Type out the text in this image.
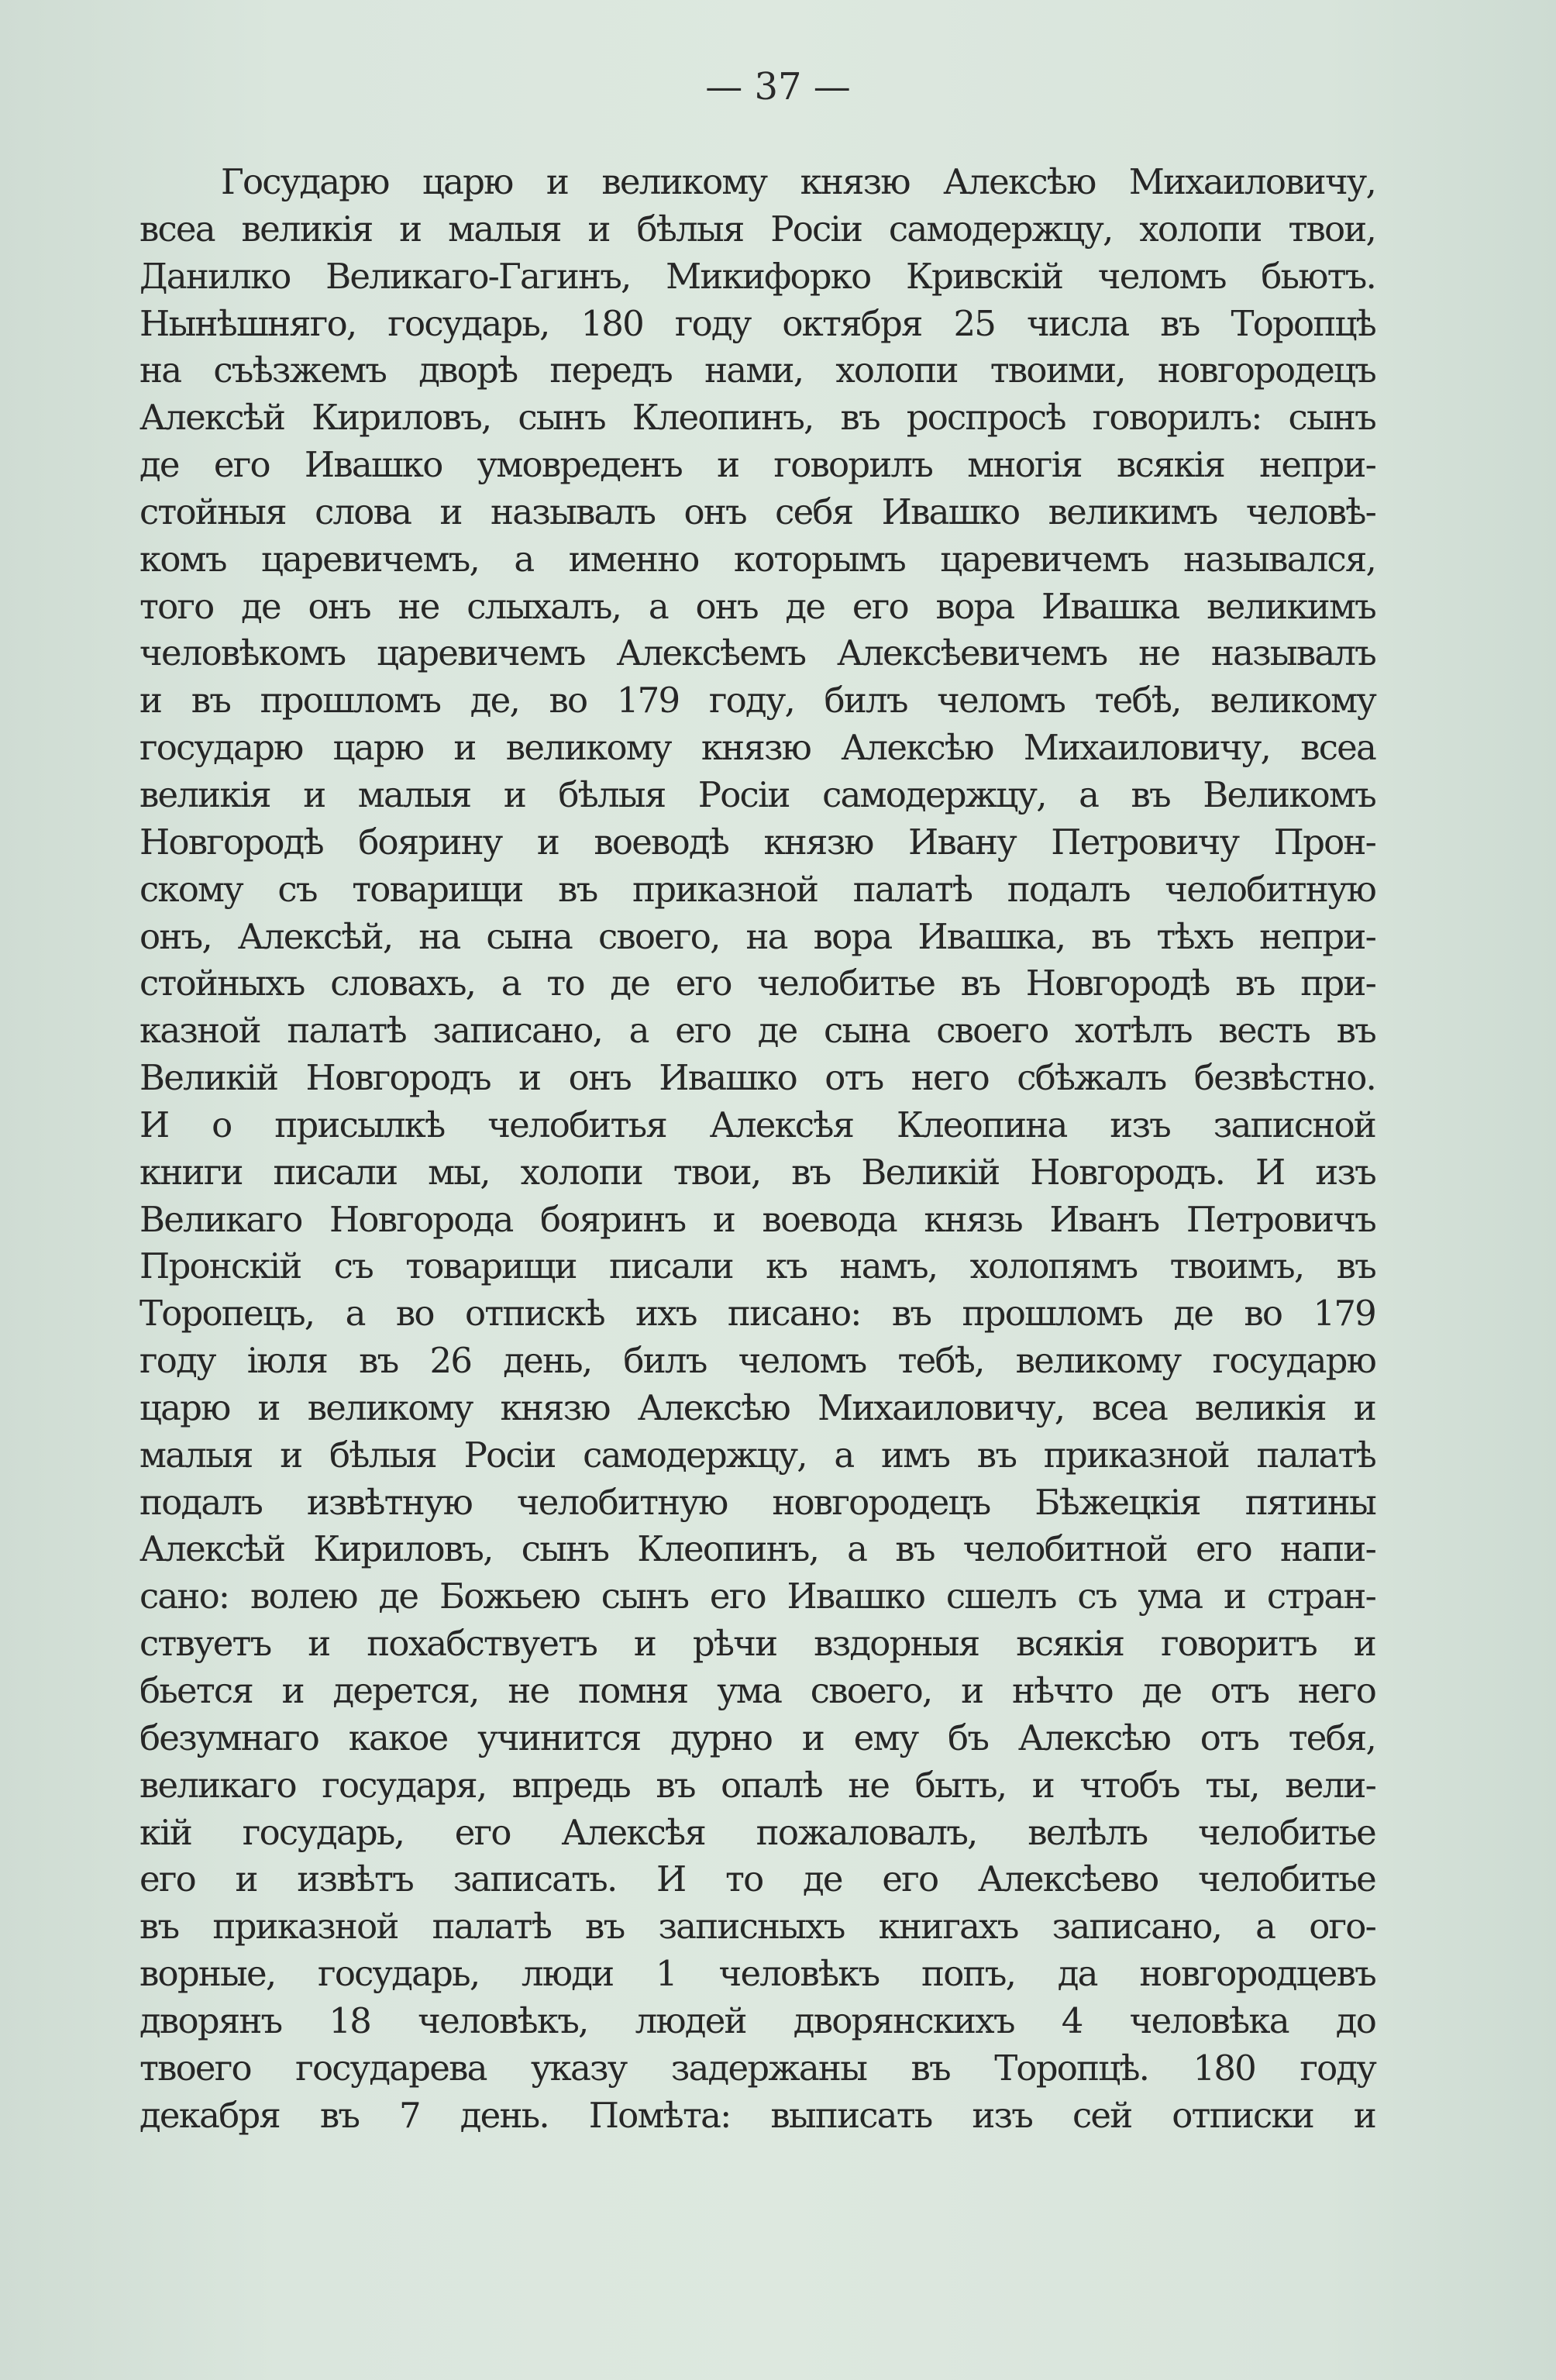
— 37 —
Государю царю и великому князю Алексѣю Михаиловичу,
всеа великія и малыя и бѣлыя Росіи самодержцу, холопи твои,
Данилко Великаго-Гагинъ, Микифорко Кривскій челомъ бьютъ.
Нынѣшняго, государь, 180 году октября 25 числа въ Торопцѣ
на съѣзжемъ дворѣ передъ нами, холопи твоими, новгородецъ
Алексѣй Кириловъ, сынъ Клеопинъ, въ роспросѣ говорилъ: сынъ
де его Ивашко умовреденъ и говорилъ многія всякія непри-
стойныя слова и называлъ онъ себя Ивашко великимъ человѣ-
комъ царевичемъ, а именно которымъ царевичемъ назывался,
того де онъ не слыхалъ, а онъ де его вора Ивашка великимъ
человѣкомъ царевичемъ Алексѣемъ Алексѣевичемъ не называлъ
и въ прошломъ де, во 179 году, билъ челомъ тебѣ, великому
государю царю и великому князю Алексѣю Михаиловичу, всеа
великія и малыя и бѣлыя Росіи самодержцу, а въ Великомъ
Новгородѣ боярину и воеводѣ князю Ивану Петровичу Прон-
скому съ товарищи въ приказной палатѣ подалъ челобитную
онъ, Алексѣй, на сына своего, на вора Ивашка, въ тѣхъ непри-
стойныхъ словахъ, а то де его челобитье въ Новгородѣ въ при-
казной палатѣ записано, а его де сына своего хотѣлъ весть въ
Великій Новгородъ и онъ Ивашко отъ него сбѣжалъ безвѣстно.
И о присылкѣ челобитья Алексѣя Клеопина изъ записной
книги писали мы, холопи твои, въ Великій Новгородъ. И изъ
Великаго Новгорода бояринъ и воевода князь Иванъ Петровичъ
Пронскій съ товарищи писали къ намъ, холопямъ твоимъ, въ
Торопецъ, а во отпискѣ ихъ писано: въ прошломъ де во 179
году іюля въ 26 день, билъ челомъ тебѣ, великому государю
царю и великому князю Алексѣю Михаиловичу, всеа великія и
малыя и бѣлыя Росіи самодержцу, а имъ въ приказной палатѣ
подалъ извѣтную челобитную новгородецъ Бѣжецкія пятины
Алексѣй Кириловъ, сынъ Клеопинъ, а въ челобитной его напи-
сано: волею де Божьею сынъ его Ивашко сшелъ съ ума и стран-
ствуетъ и похабствуетъ и рѣчи вздорныя всякія говоритъ и
бьется и дерется, не помня ума своего, и нѣчто де отъ него
безумнаго какое учинится дурно и ему бъ Алексѣю отъ тебя,
великаго государя, впредь въ опалѣ не быть, и чтобъ ты, вели-
кій государь, его Алексѣя пожаловалъ, велѣлъ челобитье
его и извѣтъ записать. И то де его Алексѣево челобитье
въ приказной палатѣ въ записныхъ книгахъ записано, а ого-
ворные, государь, люди 1 человѣкъ попъ, да новгородцевъ
дворянъ 18 человѣкъ, людей дворянскихъ 4 человѣка до
твоего государева указу задержаны въ Торопцѣ. 180 году
декабря въ 7 день. Помѣта: выписать изъ сей отписки и
